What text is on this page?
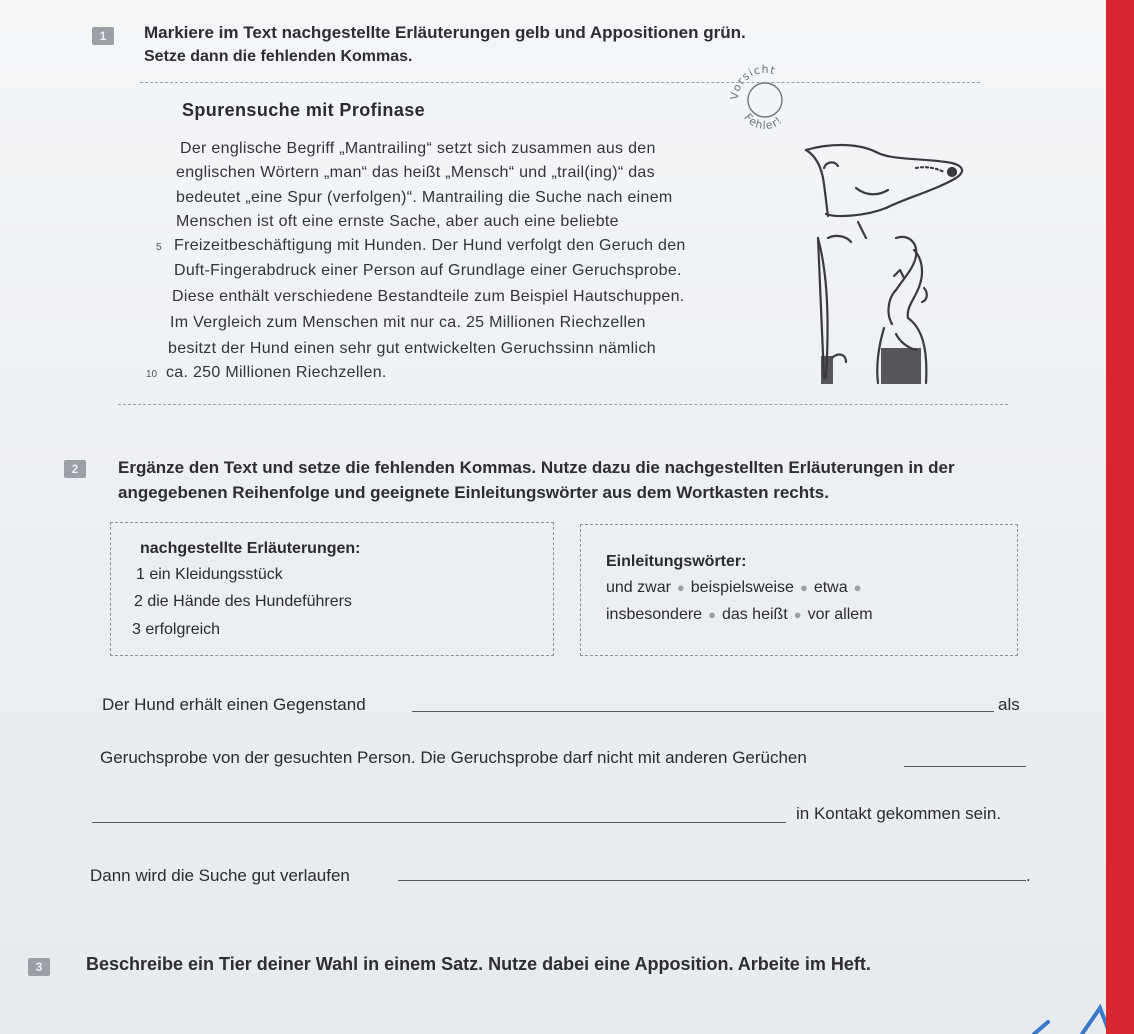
1	Markiere im Text nachgestellte Erläuterungen gelb und Appositionen grün.
Setze dann die fehlenden Kommas.
Vorsicht
Fehler!
Spurensuche mit Profinase
Der englische Begriff „Mantrailing“ setzt sich zusammen aus den
englischen Wörtern „man“ das heißt „Mensch“ und „trail(ing)“ das
bedeutet „eine Spur (verfolgen)“. Mantrailing die Suche nach einem
Menschen ist oft eine ernste Sache, aber auch eine beliebte
5 Freizeitbeschäftigung mit Hunden. Der Hund verfolgt den Geruch den
Duft-Fingerabdruck einer Person auf Grundlage einer Geruchsprobe.
Diese enthält verschiedene Bestandteile zum Beispiel Hautschuppen.
Im Vergleich zum Menschen mit nur ca. 25 Millionen Riechzellen
besitzt der Hund einen sehr gut entwickelten Geruchssinn nämlich
10 ca. 250 Millionen Riechzellen.
2	Ergänze den Text und setze die fehlenden Kommas. Nutze dazu die nachgestellten Erläuterungen in der
angegebenen Reihenfolge und geeignete Einleitungswörter aus dem Wortkasten rechts.
nachgestellte Erläuterungen:
1 ein Kleidungsstück
2 die Hände des Hundeführers
3 erfolgreich
Einleitungswörter:
und zwar ● beispielsweise ● etwa ●
insbesondere ● das heißt ● vor allem
Der Hund erhält einen Gegenstand	als
Geruchsprobe von der gesuchten Person. Die Geruchsprobe darf nicht mit anderen Gerüchen
in Kontakt gekommen sein.
Dann wird die Suche gut verlaufen	.
3	Beschreibe ein Tier deiner Wahl in einem Satz. Nutze dabei eine Apposition. Arbeite im Heft.
